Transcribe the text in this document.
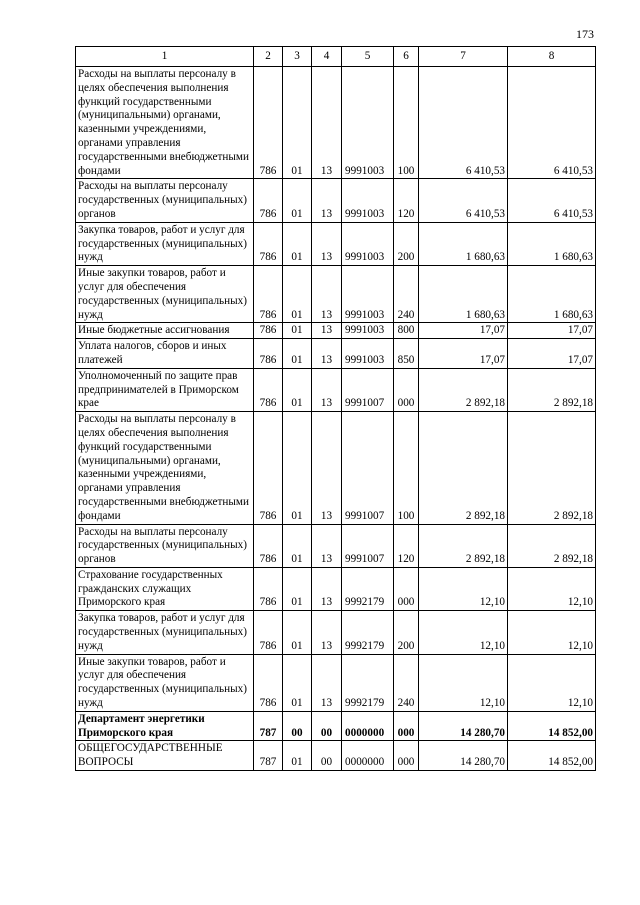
173
1	2	3	4	5	6	7	8
Расходы на выплаты персоналу в целях обеспечения выполнения функций государственными (муниципальными) органами, казенными учреждениями, органами управления государственными внебюджетными фондами	786	01	13	9991003	100	6 410,53	6 410,53
Расходы на выплаты персоналу государственных (муниципальных) органов	786	01	13	9991003	120	6 410,53	6 410,53
Закупка товаров, работ и услуг для государственных (муниципальных) нужд	786	01	13	9991003	200	1 680,63	1 680,63
Иные закупки товаров, работ и услуг для обеспечения государственных (муниципальных) нужд	786	01	13	9991003	240	1 680,63	1 680,63
Иные бюджетные ассигнования	786	01	13	9991003	800	17,07	17,07
Уплата налогов, сборов и иных платежей	786	01	13	9991003	850	17,07	17,07
Уполномоченный по защите прав предпринимателей в Приморском крае	786	01	13	9991007	000	2 892,18	2 892,18
Расходы на выплаты персоналу в целях обеспечения выполнения функций государственными (муниципальными) органами, казенными учреждениями, органами управления государственными внебюджетными фондами	786	01	13	9991007	100	2 892,18	2 892,18
Расходы на выплаты персоналу государственных (муниципальных) органов	786	01	13	9991007	120	2 892,18	2 892,18
Страхование государственных гражданских служащих Приморского края	786	01	13	9992179	000	12,10	12,10
Закупка товаров, работ и услуг для государственных (муниципальных) нужд	786	01	13	9992179	200	12,10	12,10
Иные закупки товаров, работ и услуг для обеспечения государственных (муниципальных) нужд	786	01	13	9992179	240	12,10	12,10
Департамент энергетики Приморского края	787	00	00	0000000	000	14 280,70	14 852,00
ОБЩЕГОСУДАРСТВЕННЫЕ ВОПРОСЫ	787	01	00	0000000	000	14 280,70	14 852,00
